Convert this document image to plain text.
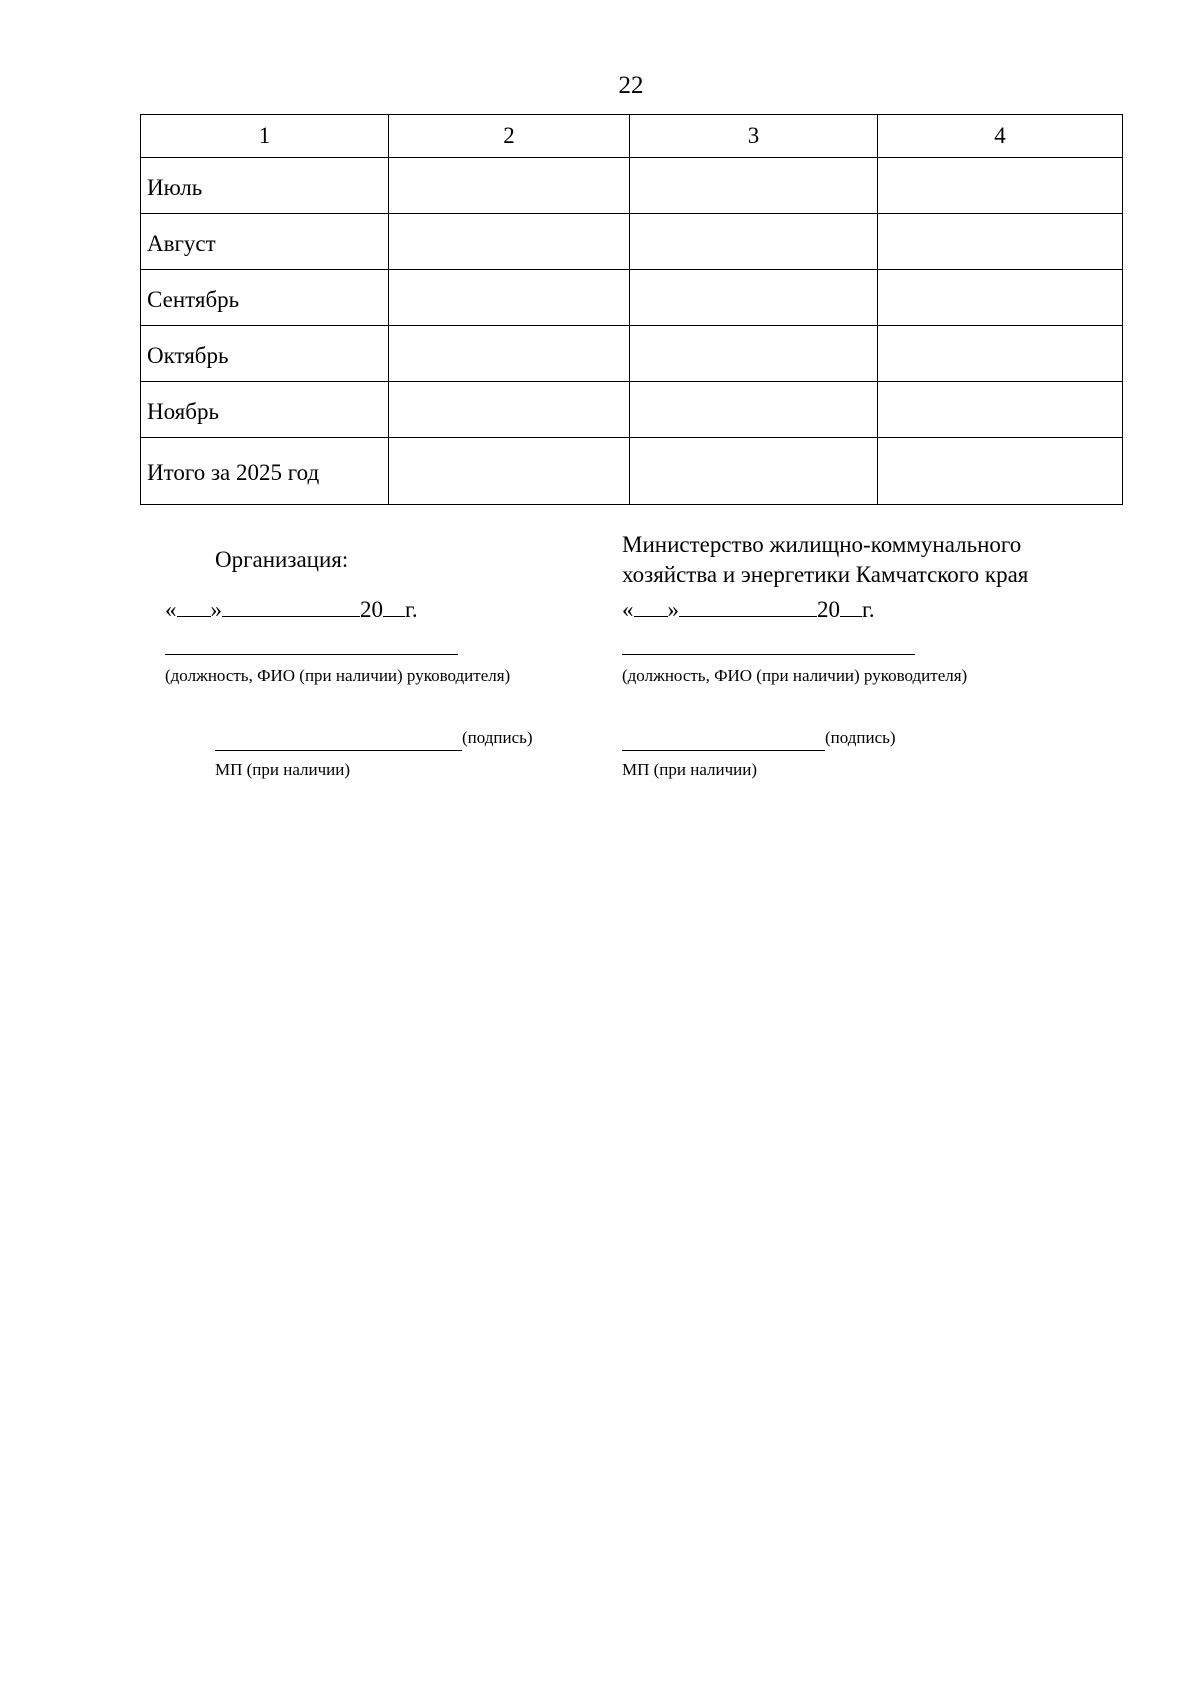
22
1	2	3	4
Июль			
Август			
Сентябрь			
Октябрь			
Ноябрь			
Итого за 2025 год			
Организация:
« »	20 г.
(должность, ФИО (при наличии) руководителя)
(подпись)
МП (при наличии)
Министерство жилищно-коммунального
хозяйства и энергетики Камчатского края
« »	20 г.
(должность, ФИО (при наличии) руководителя)
(подпись)
МП (при наличии)
